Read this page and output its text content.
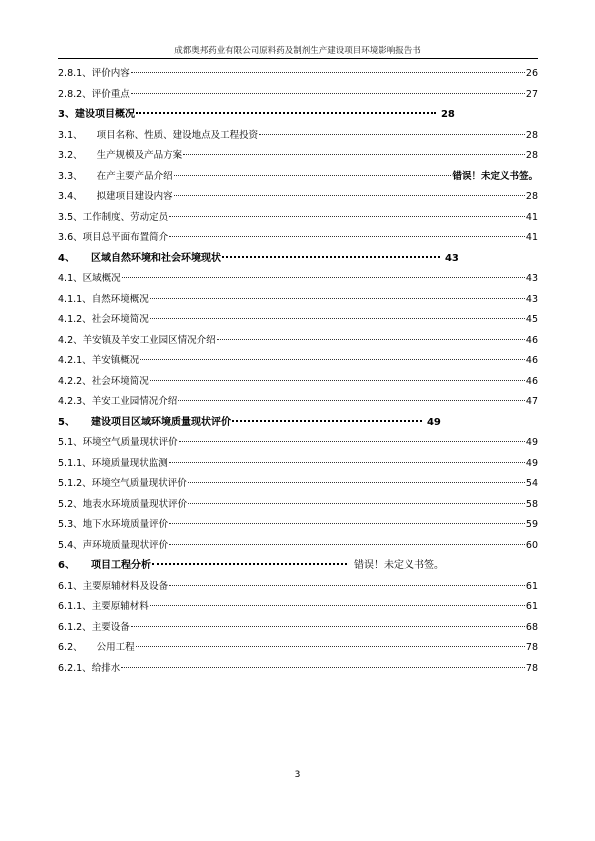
成都奥邦药业有限公司原料药及制剂生产建设项目环境影响报告书
2.8.1、 评价内容	26
2.8.2、 评价重点	27
3、 建设项目概况	28
3.1、 项目名称、性质、建设地点及工程投资	28
3.2、 生产规模及产品方案	28
3.3、 在产主要产品介绍	错误！未定义书签。
3.4、 拟建项目建设内容	28
3.5、 工作制度、劳动定员	41
3.6、 项目总平面布置简介	41
4、 区域自然环境和社会环境现状	43
4.1、 区域概况	43
4.1.1、 自然环境概况	43
4.1.2、 社会环境简况	45
4.2、 羊安镇及羊安工业园区情况介绍	46
4.2.1、 羊安镇概况	46
4.2.2、 社会环境简况	46
4.2.3、 羊安工业园情况介绍	47
5、 建设项目区域环境质量现状评价	49
5.1、 环境空气质量现状评价	49
5.1.1、 环境质量现状监测	49
5.1.2、 环境空气质量现状评价	54
5.2、 地表水环境质量现状评价	58
5.3、 地下水环境质量评价	59
5.4、 声环境质量现状评价	60
6、 项目工程分析	错误！未定义书签。
6.1、 主要原辅材料及设备	61
6.1.1、 主要原辅材料	61
6.1.2、 主要设备	68
6.2、 公用工程	78
6.2.1、 给排水	78
3
